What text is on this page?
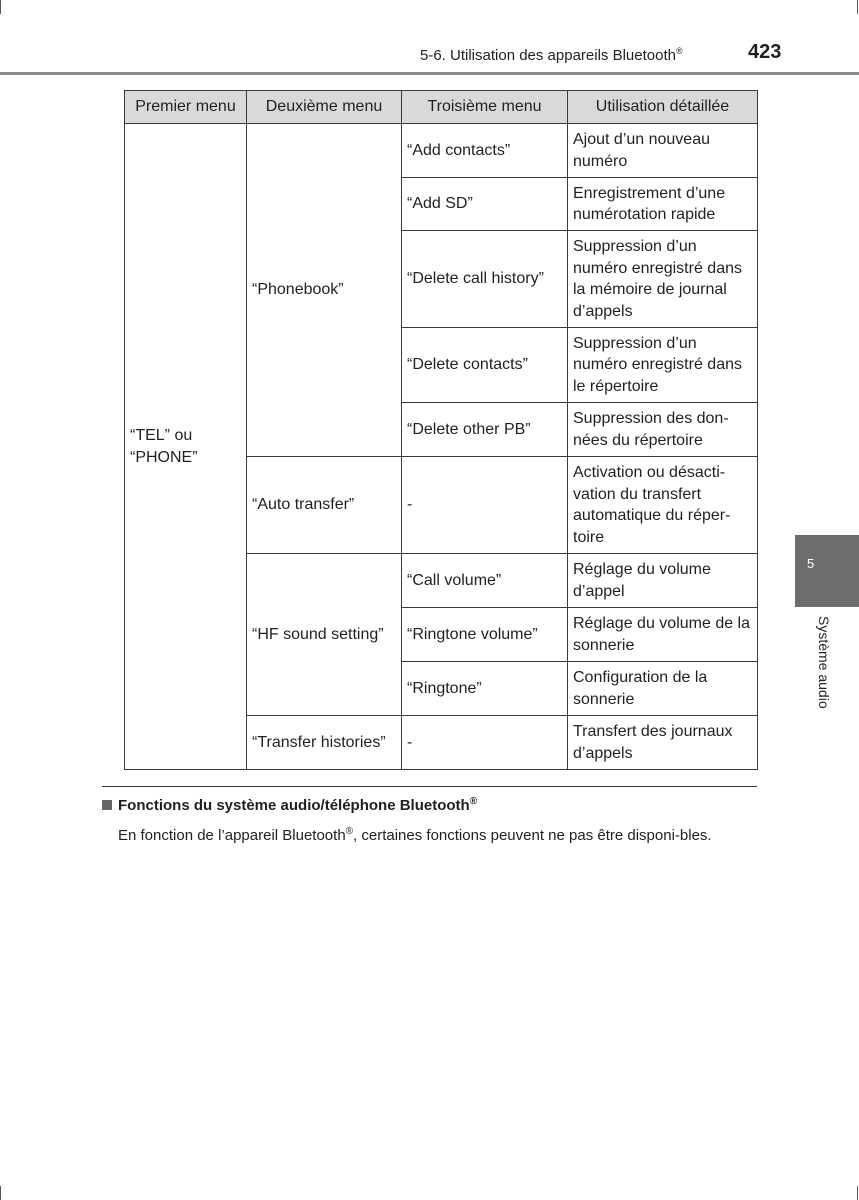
5-6. Utilisation des appareils Bluetooth®	423
Premier menu	Deuxième menu	Troisième menu	Utilisation détaillée
“TEL” ou “PHONE”	“Phonebook”	“Add contacts”	Ajout d’un nouveau numéro
		“Add SD”	Enregistrement d’une numérotation rapide
		“Delete call history”	Suppression d’un numéro enregistré dans la mémoire de journal d’appels
		“Delete contacts”	Suppression d’un numéro enregistré dans le répertoire
		“Delete other PB”	Suppression des don-nées du répertoire
	“Auto transfer”	-	Activation ou désacti-vation du transfert automatique du réper-toire
	“HF sound setting”	“Call volume”	Réglage du volume d’appel
		“Ringtone volume”	Réglage du volume de la sonnerie
		“Ringtone”	Configuration de la sonnerie
	“Transfer histories”	-	Transfert des journaux d’appels
Fonctions du système audio/téléphone Bluetooth®
En fonction de l’appareil Bluetooth®, certaines fonctions peuvent ne pas être disponi-bles.
5
Système audio
